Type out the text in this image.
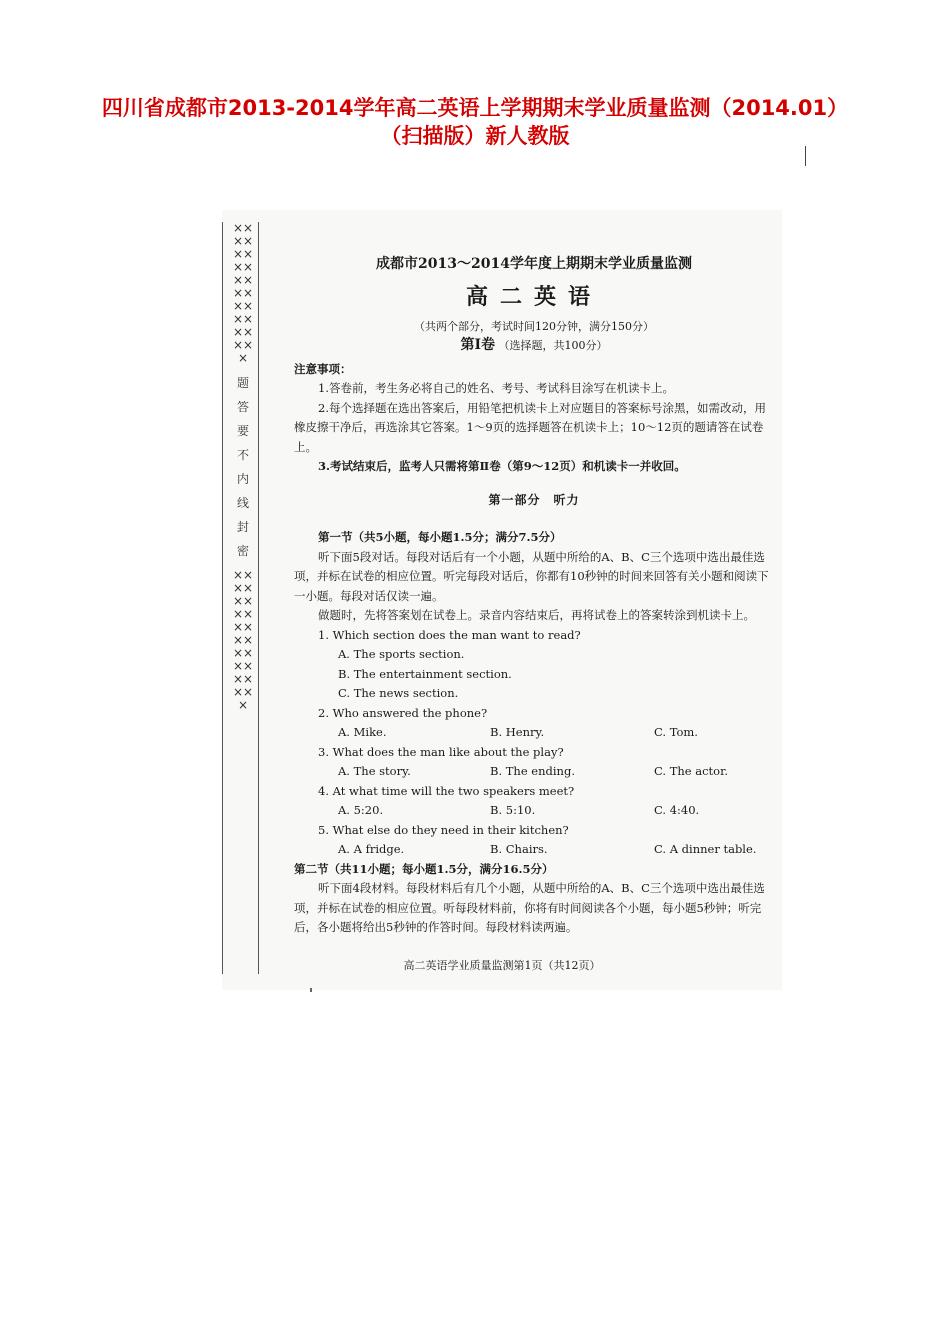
四川省成都市2013-2014学年高二英语上学期期末学业质量监测（2014.01）
（扫描版）新人教版
×××××××××××××××××××××
题
答
要
不
内
线
封
密
×××××××××××××××××××××
成都市2013～2014学年度上期期末学业质量监测
高二英语
（共两个部分，考试时间120分钟，满分150分）
第Ⅰ卷 （选择题，共100分）
注意事项：

1.答卷前，考生务必将自己的姓名、考号、考试科目涂写在机读卡上。

2.每个选择题在选出答案后，用铅笔把机读卡上对应题目的答案标号涂黑，如需改动，用橡皮擦干净后，再选涂其它答案。1～9页的选择题答在机读卡上；10～12页的题请答在试卷上。

3.考试结束后，监考人只需将第Ⅱ卷（第9～12页）和机读卡一并收回。

第一部分　听力
第一节（共5小题，每小题1.5分；满分7.5分）

听下面5段对话。每段对话后有一个小题，从题中所给的A、B、C三个选项中选出最佳选项，并标在试卷的相应位置。听完每段对话后，你都有10秒钟的时间来回答有关小题和阅读下一小题。每段对话仅读一遍。

做题时，先将答案划在试卷上。录音内容结束后，再将试卷上的答案转涂到机读卡上。

1. Which section does the man want to read?
A. The sports section.
B. The entertainment section.
C. The news section.
2. Who answered the phone?
A. Mike.	B. Henry.	C. Tom.
3. What does the man like about the play?
A. The story.	B. The ending.	C. The actor.
4. At what time will the two speakers meet?
A. 5:20.	B. 5:10.	C. 4:40.
5. What else do they need in their kitchen?
A. A fridge.	B. Chairs.	C. A dinner table.
第二节（共11小题；每小题1.5分，满分16.5分）

听下面4段材料。每段材料后有几个小题，从题中所给的A、B、C三个选项中选出最佳选项，并标在试卷的相应位置。听每段材料前，你将有时间阅读各个小题，每小题5秒钟；听完后，各小题将给出5秒钟的作答时间。每段材料读两遍。

高二英语学业质量监测第1页（共12页）
